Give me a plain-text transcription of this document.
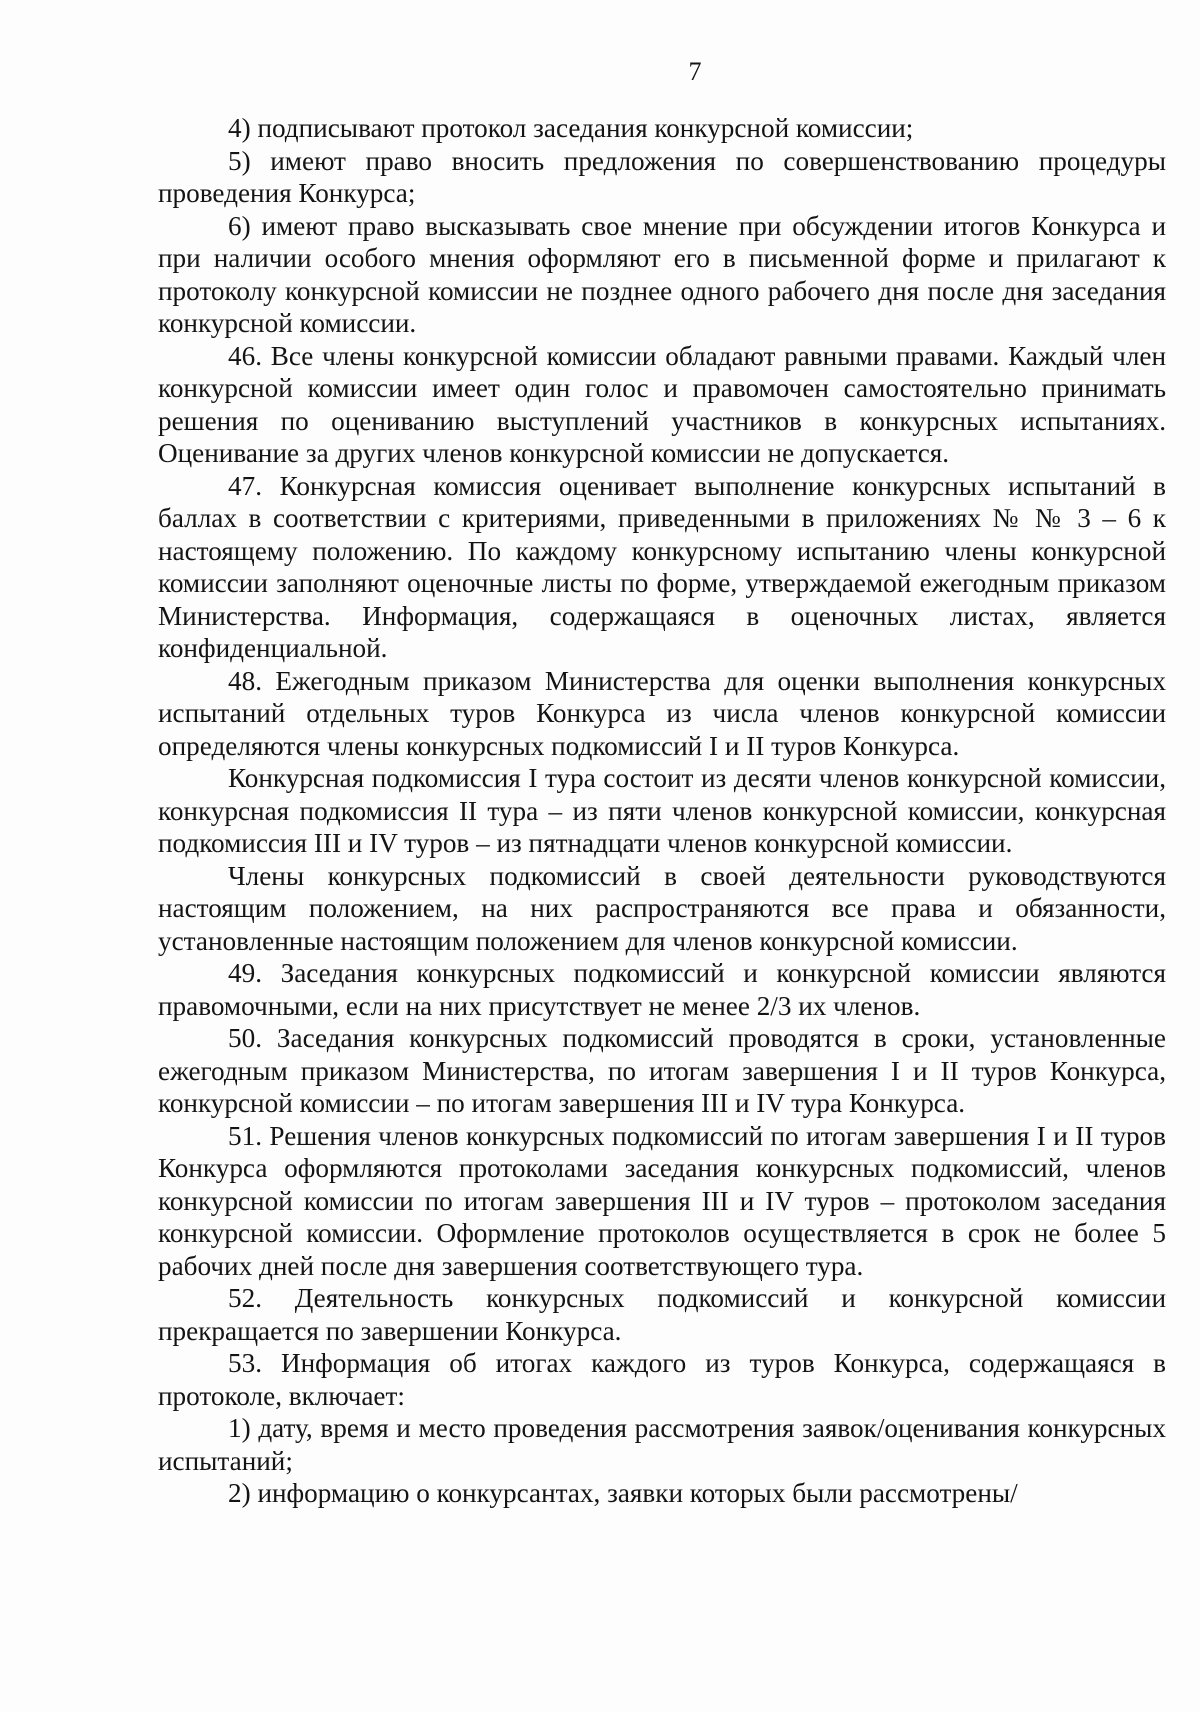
7

4) подписывают протокол заседания конкурсной комиссии;

5) имеют право вносить предложения по совершенствованию процедуры проведения Конкурса;

6) имеют право высказывать свое мнение при обсуждении итогов Конкурса и при наличии особого мнения оформляют его в письменной форме и прилагают к протоколу конкурсной комиссии не позднее одного рабочего дня после дня заседания конкурсной комиссии.

46. Все члены конкурсной комиссии обладают равными правами. Каждый член конкурсной комиссии имеет один голос и правомочен самостоятельно принимать решения по оцениванию выступлений участников в конкурсных испытаниях. Оценивание за других членов конкурсной комиссии не допускается.

47. Конкурсная комиссия оценивает выполнение конкурсных испытаний в баллах в соответствии с критериями, приведенными в приложениях № № 3 – 6 к настоящему положению. По каждому конкурсному испытанию члены конкурсной комиссии заполняют оценочные листы по форме, утверждаемой ежегодным приказом Министерства. Информация, содержащаяся в оценочных листах, является конфиденциальной.

48. Ежегодным приказом Министерства для оценки выполнения конкурсных испытаний отдельных туров Конкурса из числа членов конкурсной комиссии определяются члены конкурсных подкомиссий I и II туров Конкурса.

Конкурсная подкомиссия I тура состоит из десяти членов конкурсной комиссии, конкурсная подкомиссия II тура – из пяти членов конкурсной комиссии, конкурсная подкомиссия III и IV туров – из пятнадцати членов конкурсной комиссии.

Члены конкурсных подкомиссий в своей деятельности руководствуются настоящим положением, на них распространяются все права и обязанности, установленные настоящим положением для членов конкурсной комиссии.

49. Заседания конкурсных подкомиссий и конкурсной комиссии являются правомочными, если на них присутствует не менее 2/3 их членов.

50. Заседания конкурсных подкомиссий проводятся в сроки, установленные ежегодным приказом Министерства, по итогам завершения I и II туров Конкурса, конкурсной комиссии – по итогам завершения III и IV тура Конкурса.

51. Решения членов конкурсных подкомиссий по итогам завершения I и II туров Конкурса оформляются протоколами заседания конкурсных подкомиссий, членов конкурсной комиссии по итогам завершения III и IV туров – протоколом заседания конкурсной комиссии. Оформление протоколов осуществляется в срок не более 5 рабочих дней после дня завершения соответствующего тура.

52. Деятельность конкурсных подкомиссий и конкурсной комиссии прекращается по завершении Конкурса.

53. Информация об итогах каждого из туров Конкурса, содержащаяся в протоколе, включает:

1) дату, время и место проведения рассмотрения заявок/оценивания конкурсных испытаний;

2) информацию о конкурсантах, заявки которых были рассмотрены/
